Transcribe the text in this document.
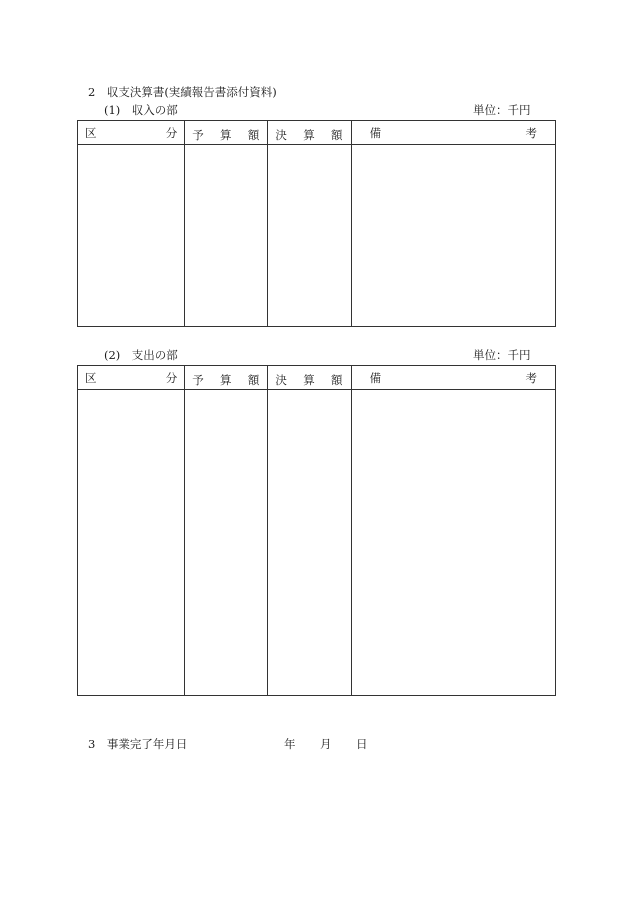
2　収支決算書(実績報告書添付資料)
(1)　収入の部	単位：千円
区 分	予 算 額	決 算 額	備 考

(2)　支出の部	単位：千円
区 分	予 算 額	決 算 額	備 考

3　事業完了年月日	年 月 日
